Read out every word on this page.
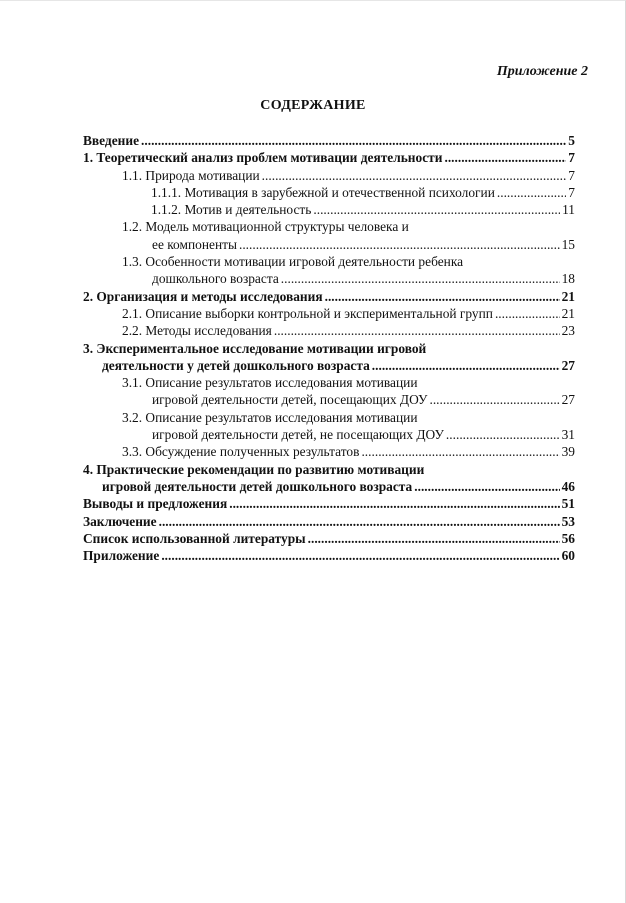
Приложение 2
СОДЕРЖАНИЕ
Введение .....	5
1. Теоретический анализ проблем мотивации деятельности .....	7
1.1. Природа мотивации .....	7
1.1.1. Мотивация в зарубежной и отечественной психологии .....	7
1.1.2. Мотив и деятельность .....	11
1.2. Модель мотивационной структуры человека и
ее компоненты .....	15
1.3. Особенности мотивации игровой деятельности ребенка
дошкольного возраста .....	18
2. Организация и методы исследования .....	21
2.1. Описание выборки контрольной и экспериментальной групп .....	21
2.2. Методы исследования .....	23
3. Экспериментальное исследование мотивации игровой
деятельности у детей дошкольного возраста .....	27
3.1. Описание результатов исследования мотивации
игровой деятельности детей, посещающих ДОУ .....	27
3.2. Описание результатов исследования мотивации
игровой деятельности детей, не посещающих ДОУ .....	31
3.3. Обсуждение полученных результатов .....	39
4. Практические рекомендации по развитию мотивации
игровой деятельности детей дошкольного возраста .....	46
Выводы и предложения .....	51
Заключение .....	53
Список использованной литературы .....	56
Приложение .....	60
